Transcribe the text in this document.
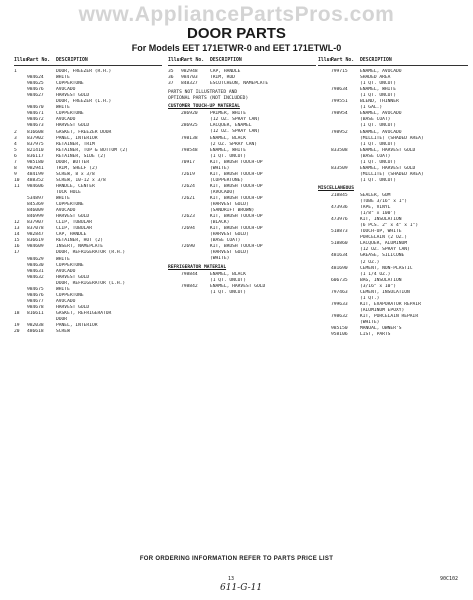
www.AppliancePartsPros.com
DOOR PARTS
For Models EET 171ETWR-0 and EET 171ETWL-0
Illus.
Part No.	DESCRIPTION
1	DOOR, FREEZER (R.H.)
984624	WHITE
984625	COPPERTONE
984676	AVOCADO
984627	HARVEST GOLD
DOOR, FREEZER (L.H.)
984670	WHITE
984671	COPPERTONE
984672	AVOCADO
984673	HARVEST GOLD
2	816608	GASKET, FREEZER DOOR
3	837902	PANEL, INTERIOR
4	837975	RETAINER, TRIM
5	821410	RETAINER, TOP & BOTTOM (2)
6	836117	RETAINER, SIDE (2)
7	985180	DOOR, BUTTER
8	982941	TRIM, SHELF (2)
9	484199	SCREW, 8 x 3/8
10	488352	SCREW, 10-12 x 3/8
11	984606	HANDLE, CENTER
TUCK HOLE
534897	WHITE
845369	COPPERTONE
846009	AVOCADO
846999	HARVEST GOLD
12	837907	CLIP, TUBULAR
13	837078	CLIP, TUBULAR
14	982847	CAP, HANDLE
15	836619	RETAINER, HOT (2)
16	984609	INSERT, NAMEPLATE
17	DOOR, REFRIGERATOR (R.H.)
984629	WHITE
984630	COPPERTONE
984631	AVOCADO
984632	HARVEST GOLD
DOOR, REFRIGERATOR (L.H.)
984675	WHITE
984676	COPPERTONE
984677	AVOCADO
984678	HARVEST GOLD
18	816611	GASKET, REFRIGERATOR
DOOR
19	982038	PANEL, INTERIOR
20	486618	SCREW
Illus.
Part No.	DESCRIPTION
35	982948	CAP, HANDLE
36	984703	TRIM, ROD
37	848327	ESCUTCHEON, NAMEPLATE
PARTS NOT ILLUSTRATED AND
OPTIONAL PARTS (NOT INCLUDED)
CUSTOMER TOUCH-UP MATERIAL
286920	PRIMER, WHITE
(12 OZ. SPRAY CAN)
286925	LACQUER, ENAMEL
(12 OZ. SPRAY CAN)
798138	ENAMEL, BLACK
(2 OZ. SPRAY CAN)
798548	ENAMEL, WHITE
(1 QT. UNCUT)
70917	KIT, BRUSH TOUCH-UP
(WHITE)
72619	KIT, BRUSH TOUCH-UP
(COPPERTONE)
72624	KIT, BRUSH TOUCH-UP
(AVOCADO)
72621	KIT, BRUSH TOUCH-UP
(HARVEST GOLD)
(SANDRIFT BROWN)
72623	KIT, BRUSH TOUCH-UP
(BLACK)
72694	KIT, BRUSH TOUCH-UP
(HARVEST GOLD)
(BASE COAT)
72690	KIT, BRUSH TOUCH-UP
(HARVEST GOLD)
(WHITE)
REFRIGERATOR MATERIAL
798844	ENAMEL, BLACK
(1 QT. UNCUT)
798842	ENAMEL, HARVEST GOLD
(1 QT. UNCUT)
Illus.
Part No.	DESCRIPTION
799715	ENAMEL, AVOCADO
SHADED AREA
(1 QT. UNCUT)
798634	ENAMEL, WHITE
(1 QT. UNCUT)
799551	BLEND, THINNER
(1 GAL.)
798954	ENAMEL, AVOCADO
(BASE COAT)
(1 QT. UNCUT)
798952	ENAMEL, AVOCADO
(MILLITE) (SHADED AREA)
(1 QT. UNCUT)
833508	ENAMEL, HARVEST GOLD
(BASE COAT)
(1 QT. UNCUT)
833509	ENAMEL, HARVEST GOLD
(MILLITE) (SHADED AREA)
(1 QT. UNCUT)
MISCELLANEOUS
218845	SEALER, GUM
(TUBE 3/16" x 1")
473936	TAPE, VINYL
(1/8" x 100')
473976	KIT, INSULATION
(6 PCS. 2" x 4" x 1")
518873	TOUCH-UP, WHITE
PORCELAIN (2 OZ.)
518860	LACQUER, ALUMINUM
(12 OZ. SPRAY CAN)
481634	GREASE, SILICONE
(2 OZ.)
481690	CEMENT, NON-PLASTIC
(1 1/4 OZ.)
606735	BAG, INSULATION
(3/16" x 10")
797463	CEMENT, INSULATION
(1 QT.)
799633	KIT, EVAPORATOR REPAIR
(ALUMINUM EPOXY)
798632	KIT, PORCELAIN REPAIR
(WHITE)
985150	MANUAL, OWNER'S
958106	LIST, PARTS
FOR ORDERING INFORMATION REFER TO PARTS PRICE LIST
13
611-G-11
90C102
